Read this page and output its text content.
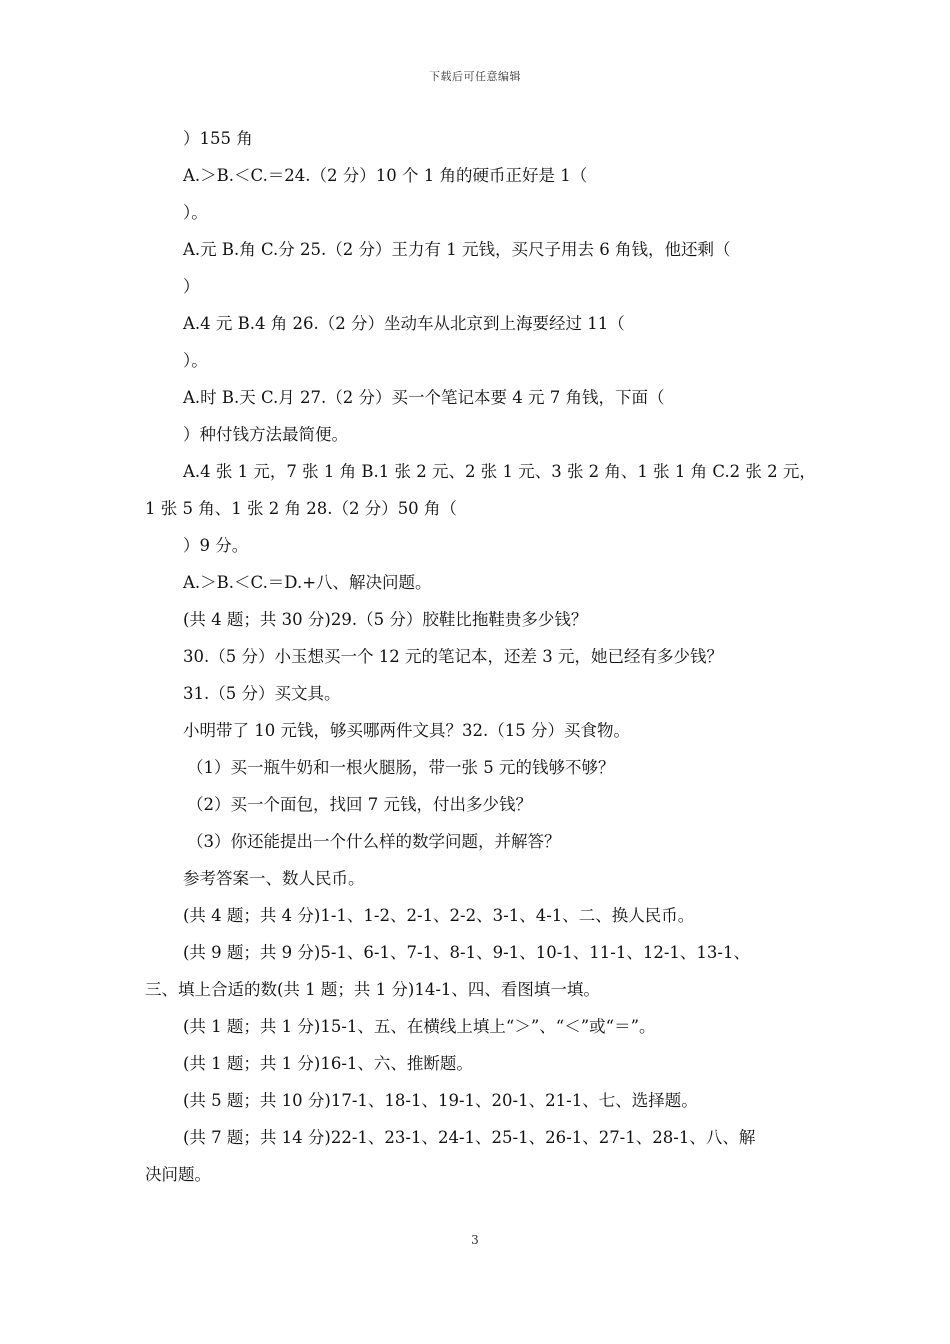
下载后可任意编辑
）155 角
A.＞B.＜C.＝24.（2 分）10 个 1 角的硬币正好是 1（
）。
A.元 B.角 C.分 25.（2 分）王力有 1 元钱，买尺子用去 6 角钱，他还剩（
）
A.4 元 B.4 角 26.（2 分）坐动车从北京到上海要经过 11（
）。
A.时 B.天 C.月 27.（2 分）买一个笔记本要 4 元 7 角钱，下面（
）种付钱方法最简便。
A.4 张 1 元，7 张 1 角 B.1 张 2 元、2 张 1 元、3 张 2 角、1 张 1 角 C.2 张 2 元，
1 张 5 角、1 张 2 角 28.（2 分）50 角（
）9 分。
A.＞B.＜C.＝D.+八、解决问题。
(共 4 题；共 30 分)29.（5 分）胶鞋比拖鞋贵多少钱？
30.（5 分）小玉想买一个 12 元的笔记本，还差 3 元，她已经有多少钱？
31.（5 分）买文具。
小明带了 10 元钱，够买哪两件文具？32.（15 分）买食物。
（1）买一瓶牛奶和一根火腿肠，带一张 5 元的钱够不够？
（2）买一个面包，找回 7 元钱，付出多少钱？
（3）你还能提出一个什么样的数学问题，并解答？
参考答案一、数人民币。
(共 4 题；共 4 分)1-1、1-2、2-1、2-2、3-1、4-1、二、换人民币。
(共 9 题；共 9 分)5-1、6-1、7-1、8-1、9-1、10-1、11-1、12-1、13-1、
三、填上合适的数(共 1 题；共 1 分)14-1、四、看图填一填。
(共 1 题；共 1 分)15-1、五、在横线上填上“＞”、“＜”或“＝”。
(共 1 题；共 1 分)16-1、六、推断题。
(共 5 题；共 10 分)17-1、18-1、19-1、20-1、21-1、七、选择题。
(共 7 题；共 14 分)22-1、23-1、24-1、25-1、26-1、27-1、28-1、八、解
决问题。
3
